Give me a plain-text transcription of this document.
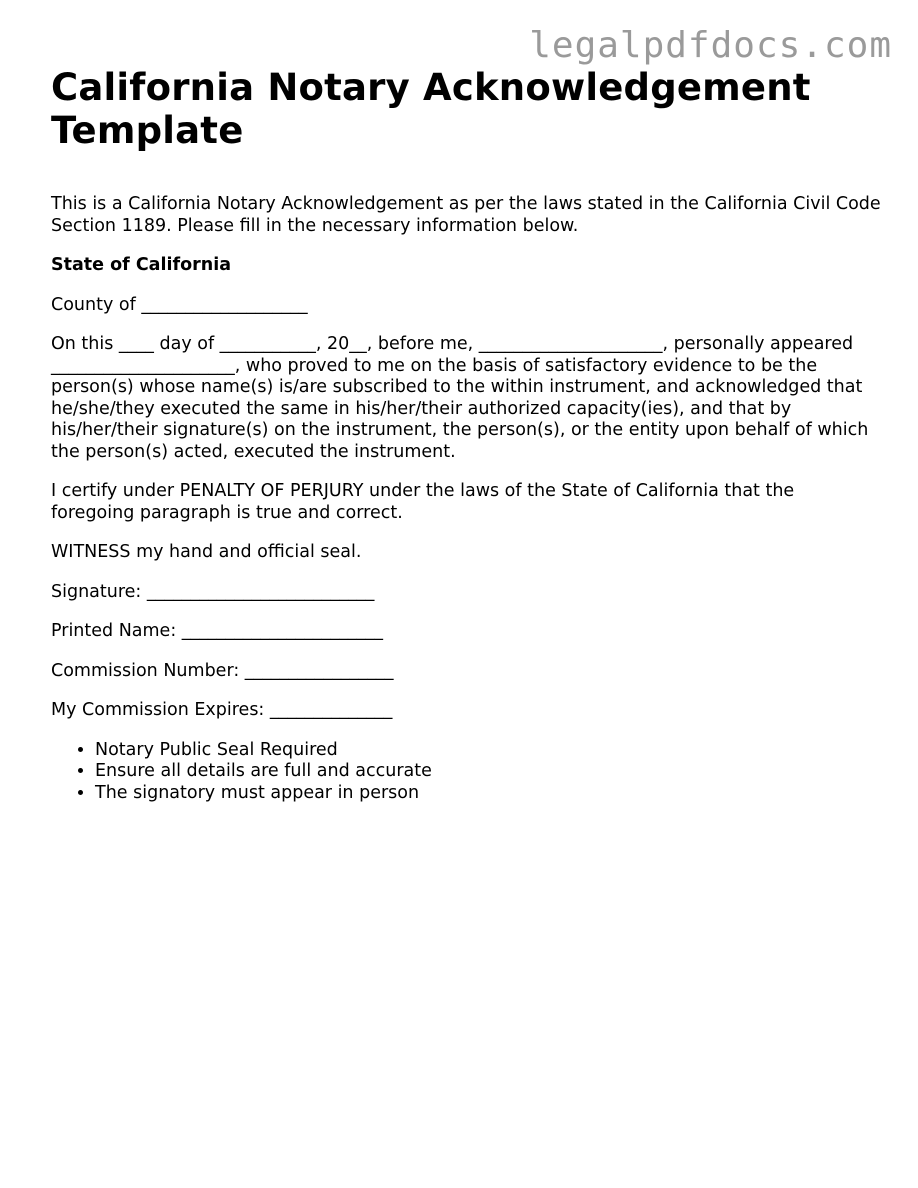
legalpdfdocs.com
California Notary Acknowledgement Template

This is a California Notary Acknowledgement as per the laws stated in the California Civil Code Section 1189. Please fill in the necessary information below.

State of California

County of ___________________

On this ____ day of ___________, 20__, before me, _____________________, personally appeared _____________________, who proved to me on the basis of satisfactory evidence to be the person(s) whose name(s) is/are subscribed to the within instrument, and acknowledged that he/she/they executed the same in his/her/their authorized capacity(ies), and that by his/her/their signature(s) on the instrument, the person(s), or the entity upon behalf of which the person(s) acted, executed the instrument.

I certify under PENALTY OF PERJURY under the laws of the State of California that the foregoing paragraph is true and correct.

WITNESS my hand and official seal.

Signature: __________________________

Printed Name: _______________________

Commission Number: _________________

My Commission Expires: ______________

• Notary Public Seal Required
• Ensure all details are full and accurate
• The signatory must appear in person
